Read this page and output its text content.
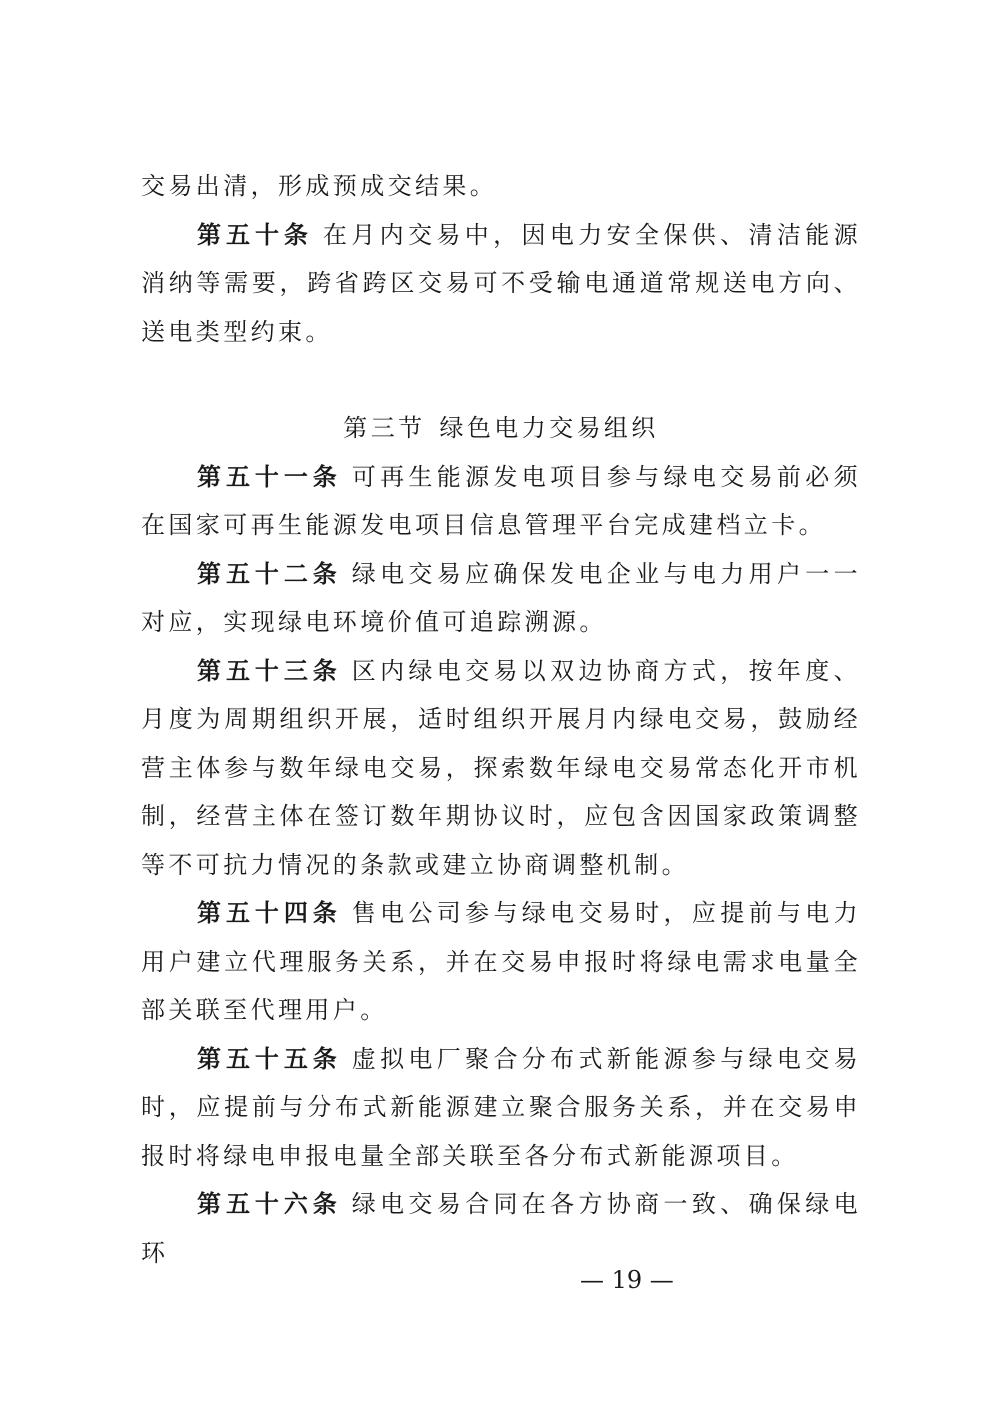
交易出清，形成预成交结果。

第五十条 在月内交易中，因电力安全保供、清洁能源消纳等需要，跨省跨区交易可不受输电通道常规送电方向、送电类型约束。

第三节 绿色电力交易组织

第五十一条 可再生能源发电项目参与绿电交易前必须在国家可再生能源发电项目信息管理平台完成建档立卡。

第五十二条 绿电交易应确保发电企业与电力用户一一对应，实现绿电环境价值可追踪溯源。

第五十三条 区内绿电交易以双边协商方式，按年度、月度为周期组织开展，适时组织开展月内绿电交易，鼓励经营主体参与数年绿电交易，探索数年绿电交易常态化开市机制，经营主体在签订数年期协议时，应包含因国家政策调整等不可抗力情况的条款或建立协商调整机制。

第五十四条 售电公司参与绿电交易时，应提前与电力用户建立代理服务关系，并在交易申报时将绿电需求电量全部关联至代理用户。

第五十五条 虚拟电厂聚合分布式新能源参与绿电交易时，应提前与分布式新能源建立聚合服务关系，并在交易申报时将绿电申报电量全部关联至各分布式新能源项目。

第五十六条 绿电交易合同在各方协商一致、确保绿电环

— 19 —
